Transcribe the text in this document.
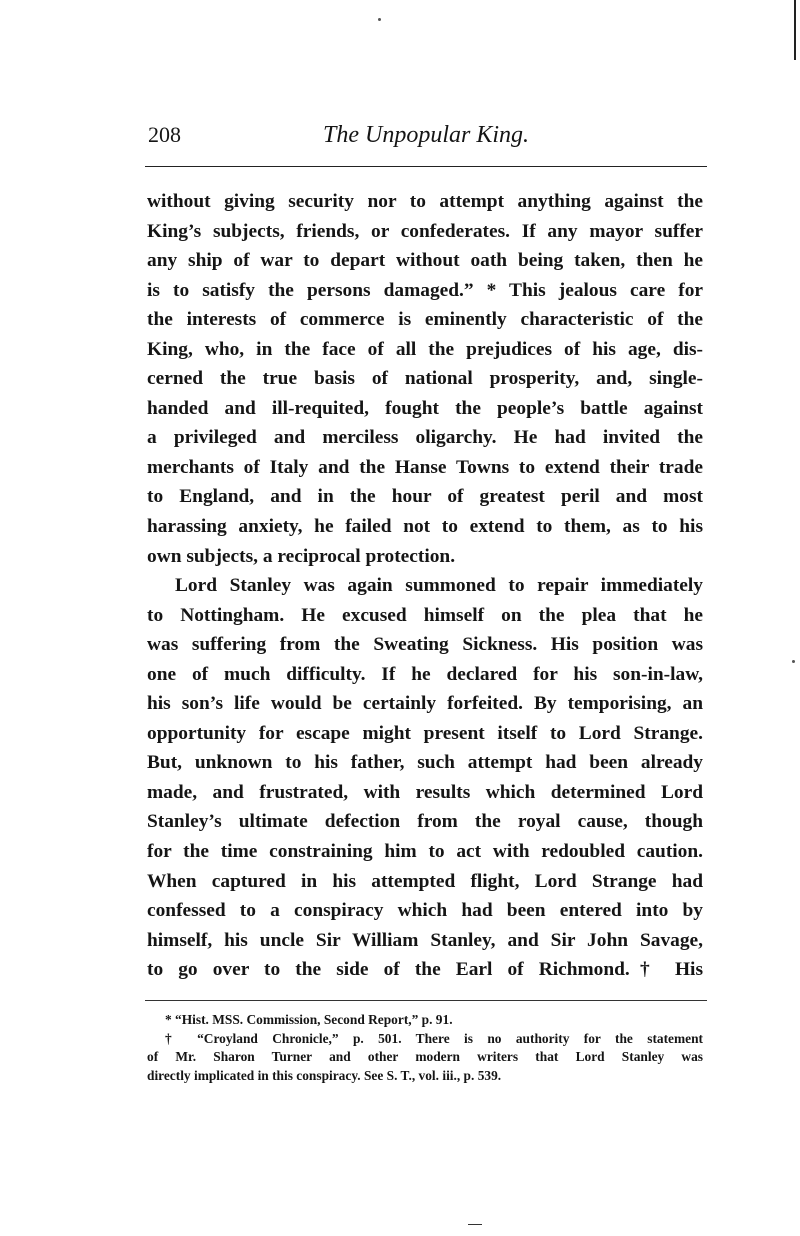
208	The Unpopular King.

without giving security nor to attempt anything against the

King’s subjects, friends, or confederates. If any mayor suffer

any ship of war to depart without oath being taken, then he

is to satisfy the persons damaged.” * This jealous care for

the interests of commerce is eminently characteristic of the

King, who, in the face of all the prejudices of his age, dis-

cerned the true basis of national prosperity, and, single-

handed and ill-requited, fought the people’s battle against

a privileged and merciless oligarchy. He had invited the

merchants of Italy and the Hanse Towns to extend their trade

to England, and in the hour of greatest peril and most

harassing anxiety, he failed not to extend to them, as to his

own subjects, a reciprocal protection.

Lord Stanley was again summoned to repair immediately

to Nottingham. He excused himself on the plea that he

was suffering from the Sweating Sickness. His position was

one of much difficulty. If he declared for his son-in-law,

his son’s life would be certainly forfeited. By temporising, an

opportunity for escape might present itself to Lord Strange.

But, unknown to his father, such attempt had been already

made, and frustrated, with results which determined Lord

Stanley’s ultimate defection from the royal cause, though

for the time constraining him to act with redoubled caution.

When captured in his attempted flight, Lord Strange had

confessed to a conspiracy which had been entered into by

himself, his uncle Sir William Stanley, and Sir John Savage,

to go over to the side of the Earl of Richmond.† His

* “Hist. MSS. Commission, Second Report,” p. 91.

† “Croyland Chronicle,” p. 501. There is no authority for the statement

of Mr. Sharon Turner and other modern writers that Lord Stanley was

directly implicated in this conspiracy. See S. T., vol. iii., p. 539.
